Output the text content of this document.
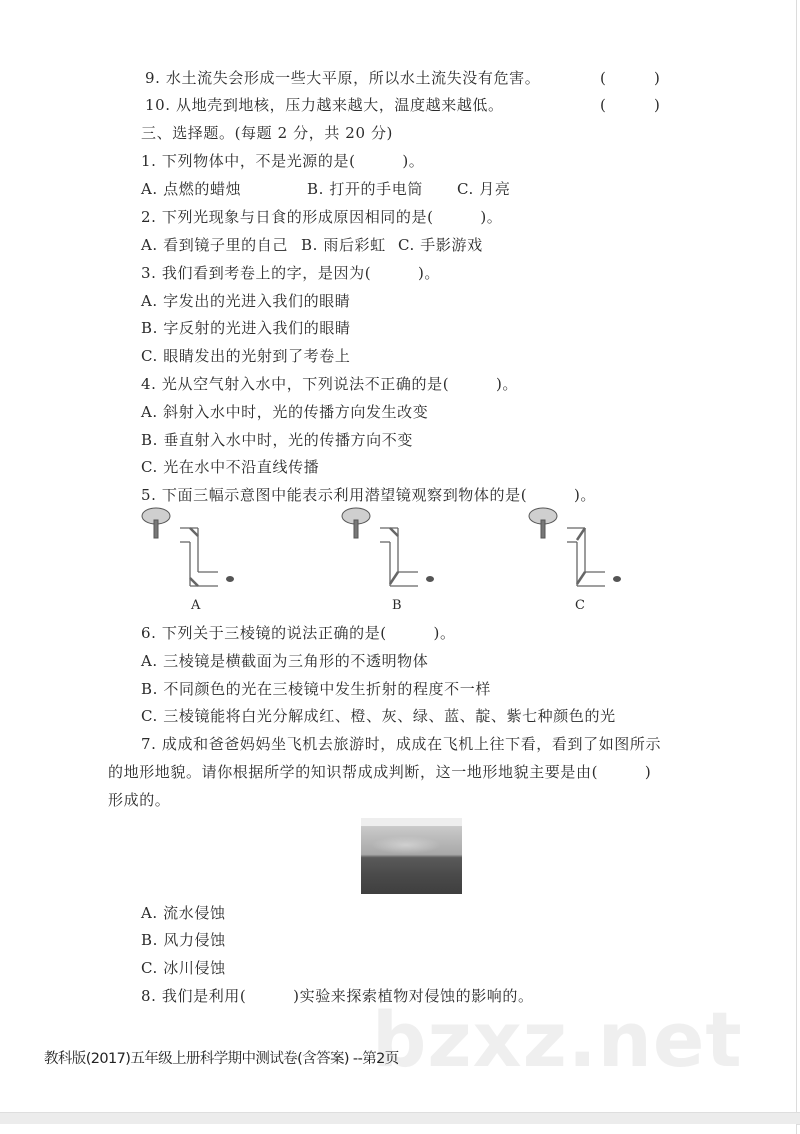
9. 水土流失会形成一些大平原，所以水土流失没有危害。	(	)
10. 从地壳到地核，压力越来越大，温度越来越低。	(	)
三、选择题。(每题 2 分，共 20 分)
1. 下列物体中，不是光源的是(　　　)。
A. 点燃的蜡烛	B. 打开的手电筒 C. 月亮
2. 下列光现象与日食的形成原因相同的是(　　　)。
A. 看到镜子里的自己 B. 雨后彩虹 C. 手影游戏
3. 我们看到考卷上的字，是因为(　　　)。
A. 字发出的光进入我们的眼睛
B. 字反射的光进入我们的眼睛
C. 眼睛发出的光射到了考卷上
4. 光从空气射入水中，下列说法不正确的是(　　　)。
A. 斜射入水中时，光的传播方向发生改变
B. 垂直射入水中时，光的传播方向不变
C. 光在水中不沿直线传播
5. 下面三幅示意图中能表示利用潜望镜观察到物体的是(　　　)。
A	B	C
6. 下列关于三棱镜的说法正确的是(　　　)。
A. 三棱镜是横截面为三角形的不透明物体
B. 不同颜色的光在三棱镜中发生折射的程度不一样
C. 三棱镜能将白光分解成红、橙、灰、绿、蓝、靛、紫七种颜色的光
7. 成成和爸爸妈妈坐飞机去旅游时，成成在飞机上往下看，看到了如图所示
的地形地貌。请你根据所学的知识帮成成判断，这一地形地貌主要是由(　　　)
形成的。
A. 流水侵蚀
B. 风力侵蚀
C. 冰川侵蚀
bzxz.net
8. 我们是利用(　　　)实验来探索植物对侵蚀的影响的。
教科版(2017)五年级上册科学期中测试卷(含答案) --第2页
